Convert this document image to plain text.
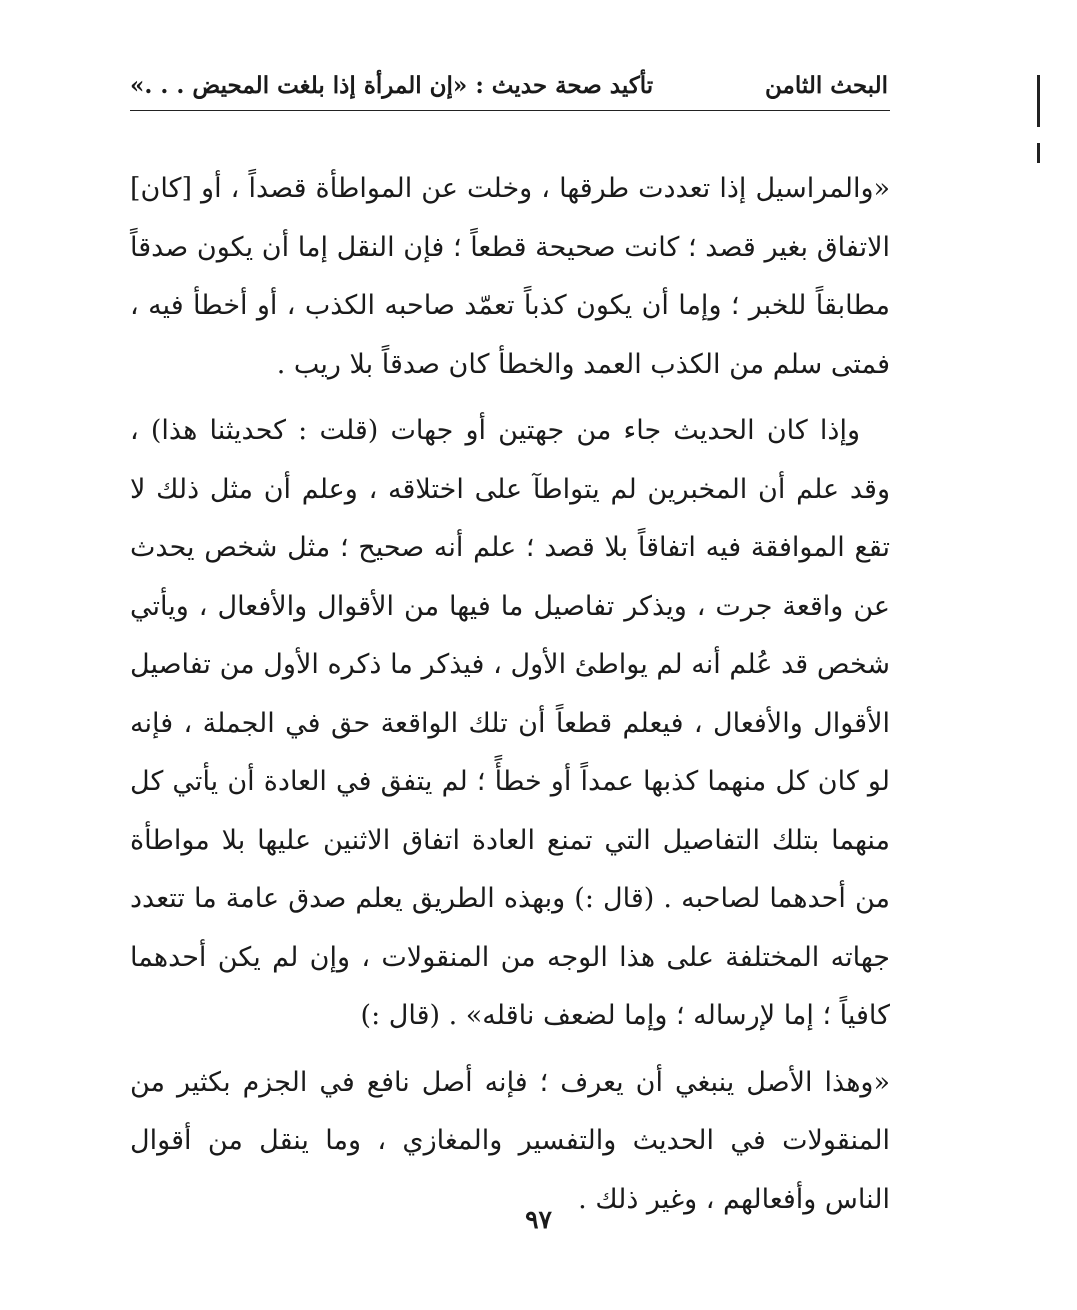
البحث الثامن
تأكيد صحة حديث : «إن المرأة إذا بلغت المحيض . . .»

«والمراسيل إذا تعددت طرقها ، وخلت عن المواطأة قصداً ، أو [كان] الاتفاق بغير قصد ؛ كانت صحيحة قطعاً ؛ فإن النقل إما أن يكون صدقاً مطابقاً للخبر ؛ وإما أن يكون كذباً تعمّد صاحبه الكذب ، أو أخطأ فيه ، فمتى سلم من الكذب العمد والخطأ كان صدقاً بلا ريب .

وإذا كان الحديث جاء من جهتين أو جهات (قلت : كحديثنا هذا) ، وقد علم أن المخبرين لم يتواطآ على اختلاقه ، وعلم أن مثل ذلك لا تقع الموافقة فيه اتفاقاً بلا قصد ؛ علم أنه صحيح ؛ مثل شخص يحدث عن واقعة جرت ، ويذكر تفاصيل ما فيها من الأقوال والأفعال ، ويأتي شخص قد عُلم أنه لم يواطئ الأول ، فيذكر ما ذكره الأول من تفاصيل الأقوال والأفعال ، فيعلم قطعاً أن تلك الواقعة حق في الجملة ، فإنه لو كان كل منهما كذبها عمداً أو خطأً ؛ لم يتفق في العادة أن يأتي كل منهما بتلك التفاصيل التي تمنع العادة اتفاق الاثنين عليها بلا مواطأة من أحدهما لصاحبه . (قال :) وبهذه الطريق يعلم صدق عامة ما تتعدد جهاته المختلفة على هذا الوجه من المنقولات ، وإن لم يكن أحدهما كافياً ؛ إما لإرساله ؛ وإما لضعف ناقله» . (قال :)

«وهذا الأصل ينبغي أن يعرف ؛ فإنه أصل نافع في الجزم بكثير من المنقولات في الحديث والتفسير والمغازي ، وما ينقل من أقوال الناس وأفعالهم ، وغير ذلك .

٩٧
